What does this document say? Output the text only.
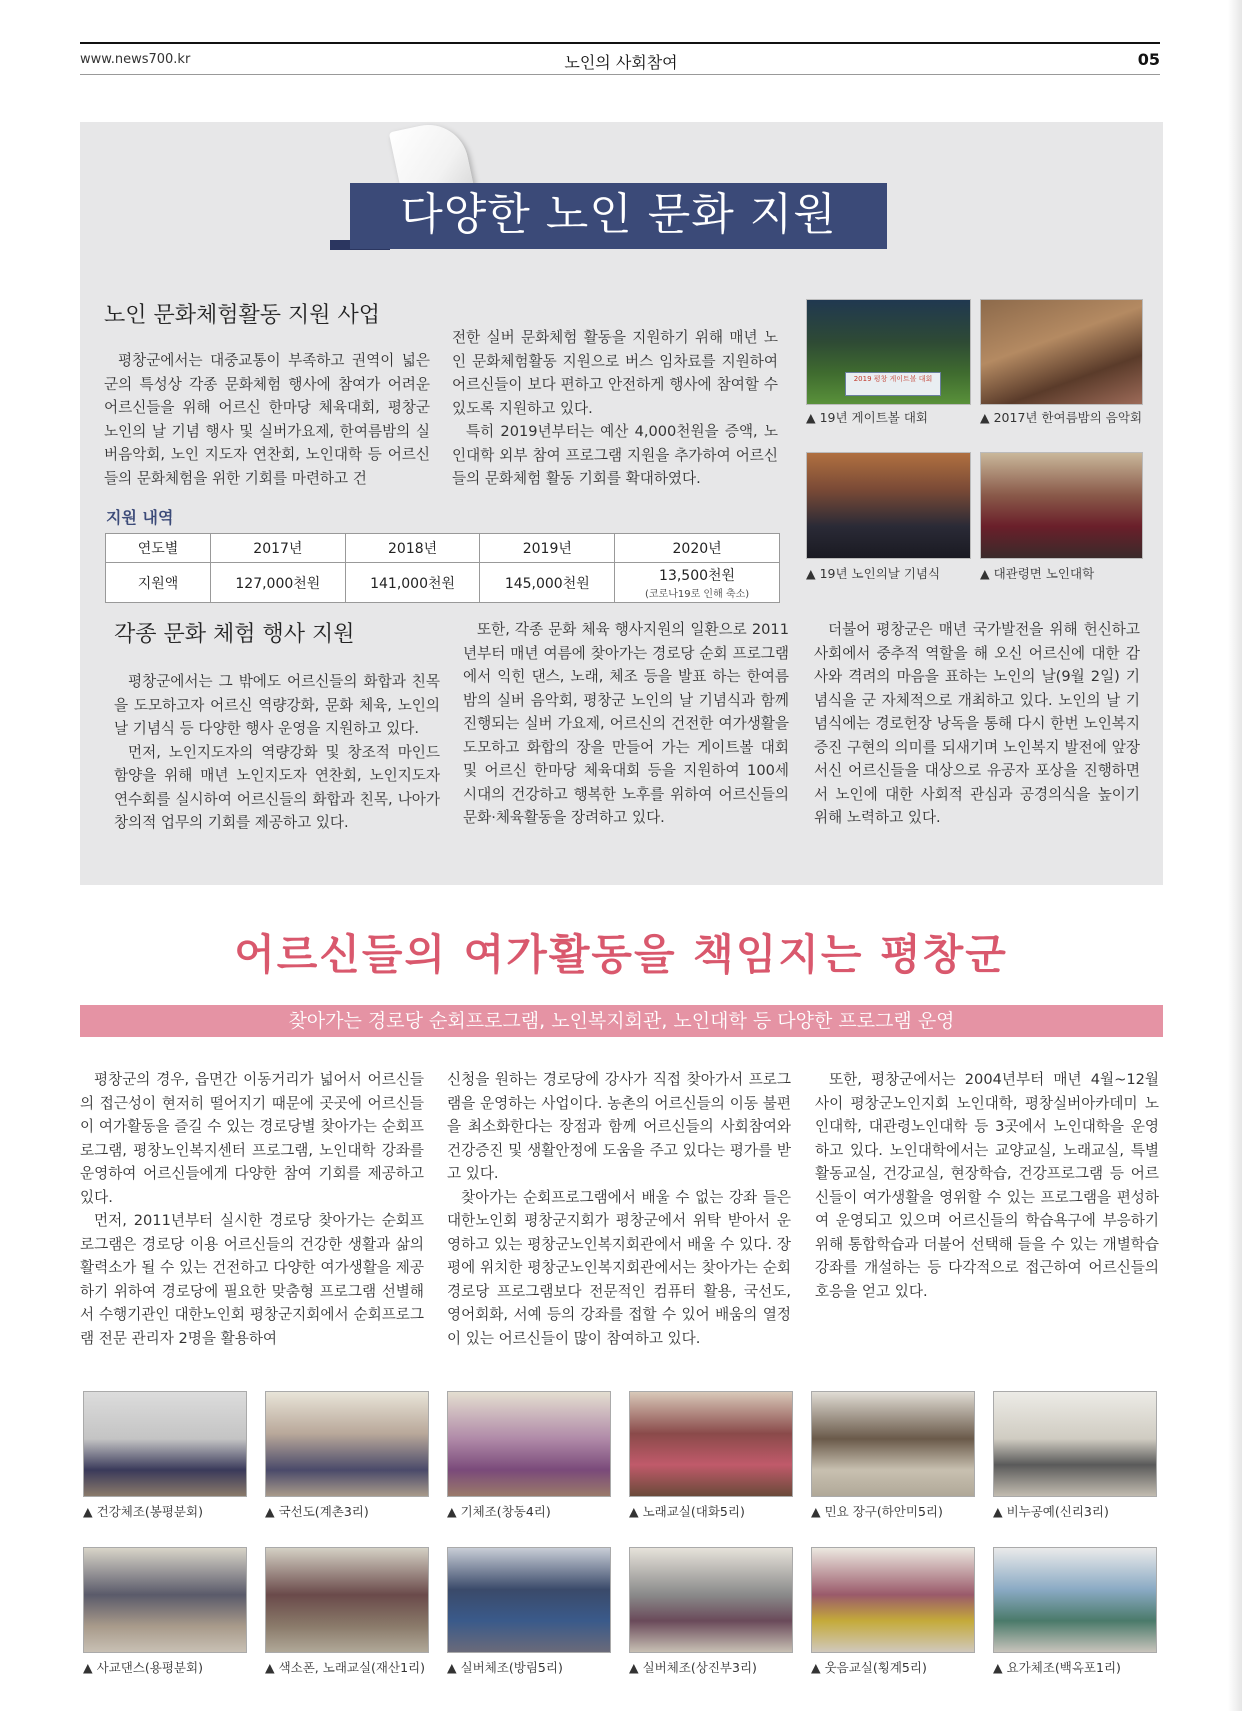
www.news700.kr	노인의 사회참여	05
다양한 노인 문화 지원
노인 문화체험활동 지원 사업

평창군에서는 대중교통이 부족하고 권역이 넓은 군의 특성상 각종 문화체험 행사에 참여가 어려운 어르신들을 위해 어르신 한마당 체육대회, 평창군 노인의 날 기념 행사 및 실버가요제, 한여름밤의 실버음악회, 노인 지도자 연찬회, 노인대학 등 어르신들의 문화체험을 위한 기회를 마련하고 건

전한 실버 문화체험 활동을 지원하기 위해 매년 노인 문화체험활동 지원으로 버스 임차료를 지원하여 어르신들이 보다 편하고 안전하게 행사에 참여할 수 있도록 지원하고 있다.

특히 2019년부터는 예산 4,000천원을 증액, 노인대학 외부 참여 프로그램 지원을 추가하여 어르신들의 문화체험 활동 기회를 확대하였다.

지원 내역
연도별	2017년	2018년	2019년	2020년
지원액	127,000천원	141,000천원	145,000천원	13,500천원
(코로나19로 인해 축소)
2019 평창 게이트볼 대회
▲ 19년 게이트볼 대회	▲ 2017년 한여름밤의 음악회
▲ 19년 노인의날 기념식	▲ 대관령면 노인대학
각종 문화 체험 행사 지원

평창군에서는 그 밖에도 어르신들의 화합과 친목을 도모하고자 어르신 역량강화, 문화 체육, 노인의 날 기념식 등 다양한 행사 운영을 지원하고 있다.

먼저, 노인지도자의 역량강화 및 창조적 마인드 함양을 위해 매년 노인지도자 연찬회, 노인지도자 연수회를 실시하여 어르신들의 화합과 친목, 나아가 창의적 업무의 기회를 제공하고 있다.

또한, 각종 문화 체육 행사지원의 일환으로 2011년부터 매년 여름에 찾아가는 경로당 순회 프로그램에서 익힌 댄스, 노래, 체조 등을 발표 하는 한여름밤의 실버 음악회, 평창군 노인의 날 기념식과 함께 진행되는 실버 가요제, 어르신의 건전한 여가생활을 도모하고 화합의 장을 만들어 가는 게이트볼 대회 및 어르신 한마당 체육대회 등을 지원하여 100세 시대의 건강하고 행복한 노후를 위하여 어르신들의 문화·체육활동을 장려하고 있다.

더불어 평창군은 매년 국가발전을 위해 헌신하고 사회에서 중추적 역할을 해 오신 어르신에 대한 감사와 격려의 마음을 표하는 노인의 날(9월 2일) 기념식을 군 자체적으로 개최하고 있다. 노인의 날 기념식에는 경로헌장 낭독을 통해 다시 한번 노인복지 증진 구현의 의미를 되새기며 노인복지 발전에 앞장 서신 어르신들을 대상으로 유공자 포상을 진행하면서 노인에 대한 사회적 관심과 공경의식을 높이기 위해 노력하고 있다.

어르신들의 여가활동을 책임지는 평창군
찾아가는 경로당 순회프로그램, 노인복지회관, 노인대학 등 다양한 프로그램 운영

평창군의 경우, 읍면간 이동거리가 넓어서 어르신들의 접근성이 현저히 떨어지기 때문에 곳곳에 어르신들이 여가활동을 즐길 수 있는 경로당별 찾아가는 순회프로그램, 평창노인복지센터 프로그램, 노인대학 강좌를 운영하여 어르신들에게 다양한 참여 기회를 제공하고 있다.

먼저, 2011년부터 실시한 경로당 찾아가는 순회프로그램은 경로당 이용 어르신들의 건강한 생활과 삶의 활력소가 될 수 있는 건전하고 다양한 여가생활을 제공하기 위하여 경로당에 필요한 맞춤형 프로그램 선별해서 수행기관인 대한노인회 평창군지회에서 순회프로그램 전문 관리자 2명을 활용하여

신청을 원하는 경로당에 강사가 직접 찾아가서 프로그램을 운영하는 사업이다. 농촌의 어르신들의 이동 불편을 최소화한다는 장점과 함께 어르신들의 사회참여와 건강증진 및 생활안정에 도움을 주고 있다는 평가를 받고 있다.

찾아가는 순회프로그램에서 배울 수 없는 강좌 들은 대한노인회 평창군지회가 평창군에서 위탁 받아서 운영하고 있는 평창군노인복지회관에서 배울 수 있다. 장평에 위치한 평창군노인복지회관에서는 찾아가는 순회경로당 프로그램보다 전문적인 컴퓨터 활용, 국선도, 영어회화, 서예 등의 강좌를 접할 수 있어 배움의 열정이 있는 어르신들이 많이 참여하고 있다.

또한, 평창군에서는 2004년부터 매년 4월~12월 사이 평창군노인지회 노인대학, 평창실버아카데미 노인대학, 대관령노인대학 등 3곳에서 노인대학을 운영하고 있다. 노인대학에서는 교양교실, 노래교실, 특별활동교실, 건강교실, 현장학습, 건강프로그램 등 어르신들이 여가생활을 영위할 수 있는 프로그램을 편성하여 운영되고 있으며 어르신들의 학습욕구에 부응하기 위해 통합학습과 더불어 선택해 들을 수 있는 개별학습 강좌를 개설하는 등 다각적으로 접근하여 어르신들의 호응을 얻고 있다.

▲ 건강체조(봉평분회)	▲ 국선도(계촌3리)	▲ 기체조(창동4리)	▲ 노래교실(대화5리)	▲ 민요 장구(하안미5리)	▲ 비누공예(신리3리)
▲ 사교댄스(용평분회)	▲ 색소폰, 노래교실(재산1리) ▲ 실버체조(방림5리)	▲ 실버체조(상진부3리)	▲ 웃음교실(횡계5리)	▲ 요가체조(백옥포1리)
